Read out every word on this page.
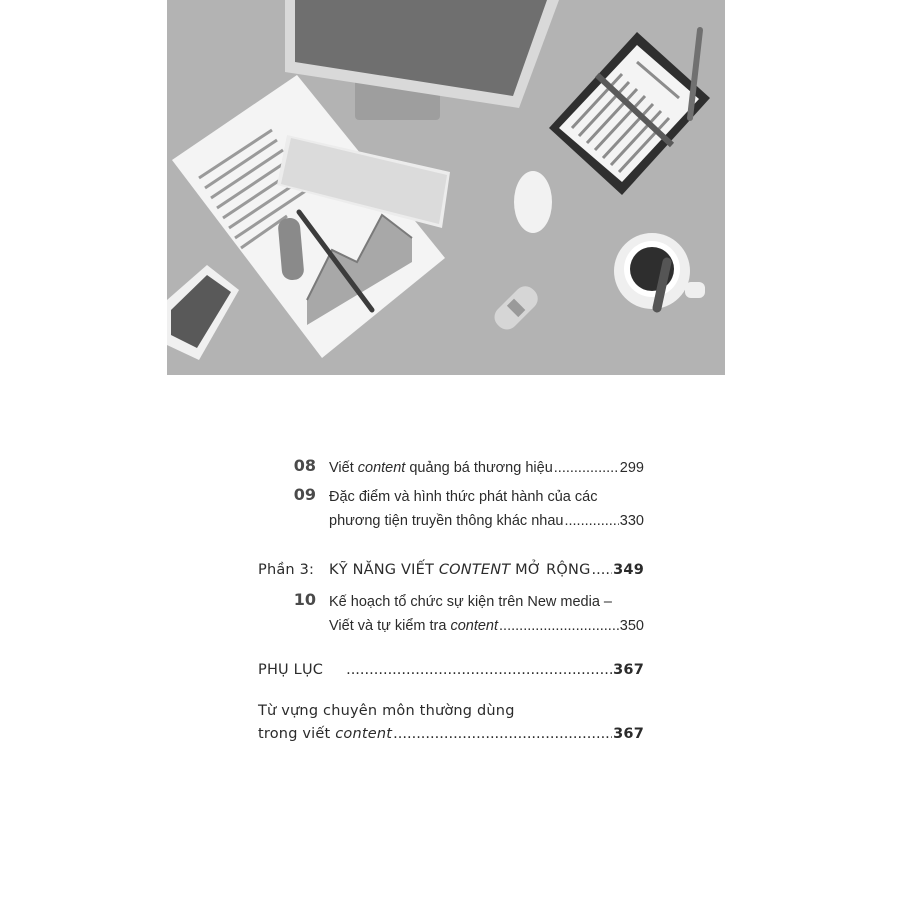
08 Viết content quảng bá thương hiệu .....	299
09 Đặc điểm và hình thức phát hành của các
phương tiện truyền thông khác nhau .....	330
Phần 3: KỸ NĂNG VIẾT CONTENT MỞ RỘNG ..... 349
10 Kế hoạch tổ chức sự kiện trên New media –
Viết và tự kiểm tra content .....	350
PHỤ LỤC .....	367
Từ vựng chuyên môn thường dùng
trong viết content .....	367
